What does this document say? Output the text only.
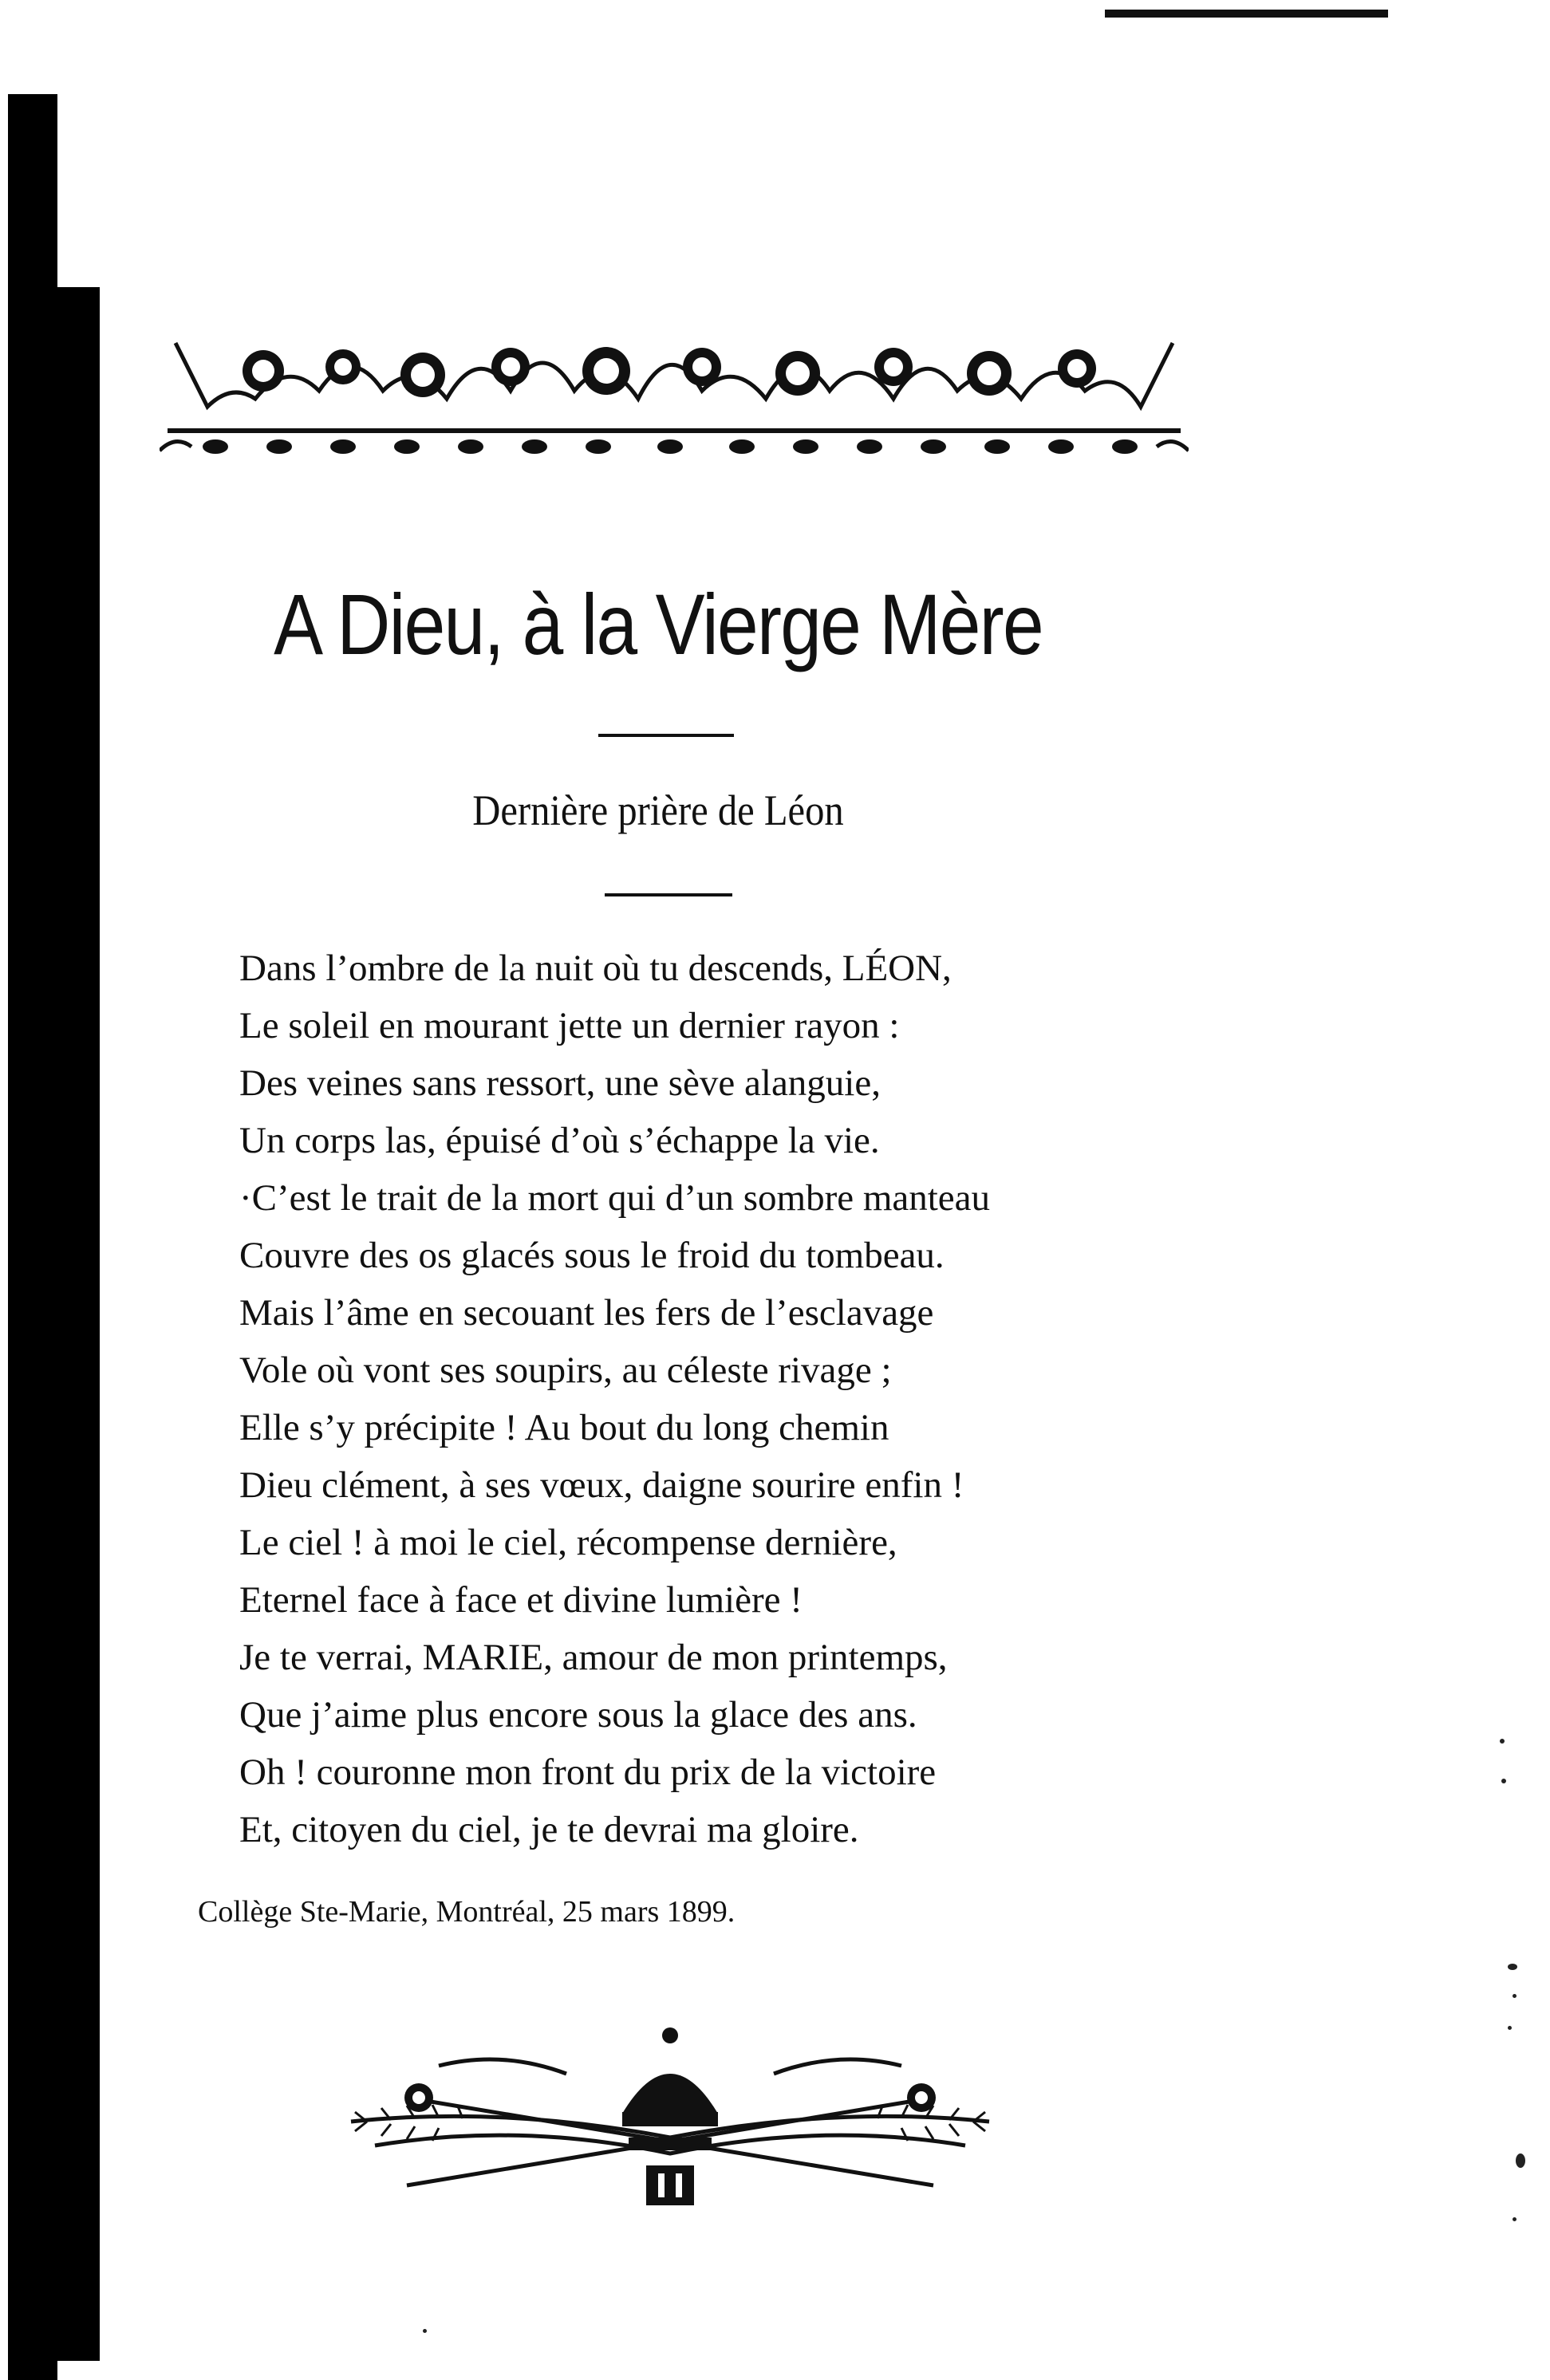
A Dieu, à la Vierge Mère
Dernière prière de Léon
Dans l’ombre de la nuit où tu descends, LÉON,
Le soleil en mourant jette un dernier rayon :
Des veines sans ressort, une sève alanguie,
Un corps las, épuisé d’où s’échappe la vie.
·C’est le trait de la mort qui d’un sombre manteau
Couvre des os glacés sous le froid du tombeau.
Mais l’âme en secouant les fers de l’esclavage
Vole où vont ses soupirs, au céleste rivage ;
Elle s’y précipite ! Au bout du long chemin
Dieu clément, à ses vœux, daigne sourire enfin !
Le ciel ! à moi le ciel, récompense dernière,
Eternel face à face et divine lumière !
Je te verrai, MARIE, amour de mon printemps,
Que j’aime plus encore sous la glace des ans.
Oh ! couronne mon front du prix de la victoire
Et, citoyen du ciel, je te devrai ma gloire.
Collège Ste-Marie, Montréal, 25 mars 1899.
